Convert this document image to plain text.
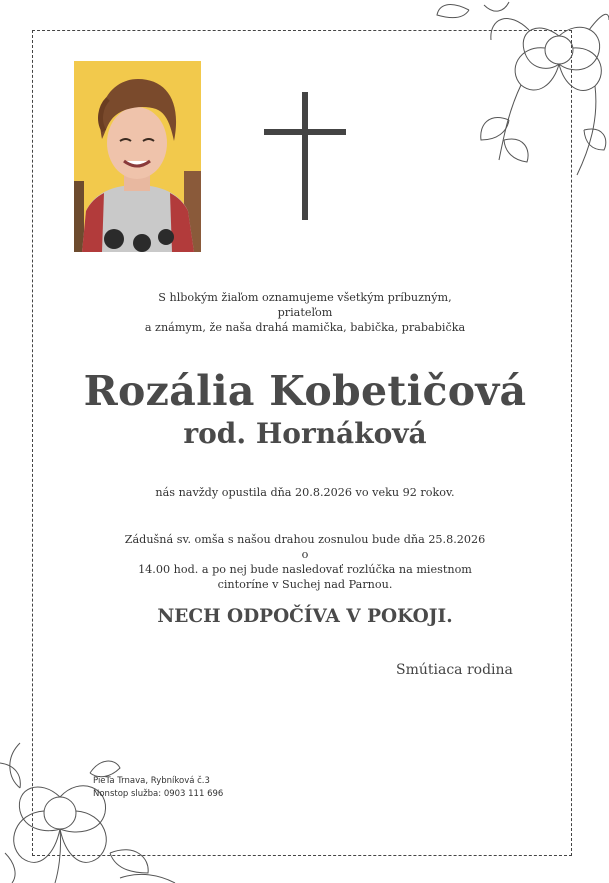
S hlbokým žiaľom oznamujeme všetkým príbuzným, priateľom
a známym, že naša drahá mamička, babička, prababička
Rozália Kobetičová
rod. Hornáková
nás navždy opustila dňa 20.8.2026 vo veku 92 rokov.
Zádušná sv. omša s našou drahou zosnulou bude dňa 25.8.2026 o
14.00 hod. a po nej bude nasledovať rozlúčka na miestnom
cintoríne v Suchej nad Parnou.
NECH ODPOČÍVA V POKOJI.
Smútiaca rodina
PieTa Trnava, Rybníková č.3
Nonstop služba: 0903 111 696
